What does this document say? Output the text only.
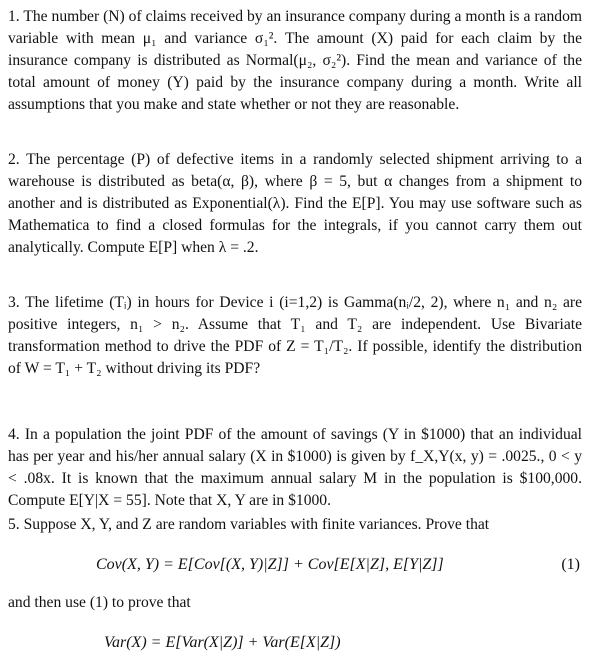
1. The number (N) of claims received by an insurance company during a month is a random variable with mean μ₁ and variance σ₁². The amount (X) paid for each claim by the insurance company is distributed as Normal(μ₂, σ₂²). Find the mean and variance of the total amount of money (Y) paid by the insurance company during a month. Write all assumptions that you make and state whether or not they are reasonable.

2. The percentage (P) of defective items in a randomly selected shipment arriving to a warehouse is distributed as beta(α, β), where β = 5, but α changes from a shipment to another and is distributed as Exponential(λ). Find the E[P]. You may use software such as Mathematica to find a closed formulas for the integrals, if you cannot carry them out analytically. Compute E[P] when λ = .2.

3. The lifetime (Tᵢ) in hours for Device i (i=1,2) is Gamma(nᵢ/2, 2), where n₁ and n₂ are positive integers, n₁ > n₂. Assume that T₁ and T₂ are independent. Use Bivariate transformation method to drive the PDF of Z = T₁/T₂. If possible, identify the distribution of W = T₁ + T₂ without driving its PDF?

4. In a population the joint PDF of the amount of savings (Y in $1000) that an individual has per year and his/her annual salary (X in $1000) is given by f_X,Y(x, y) = .0025., 0 < y < .08x. It is known that the maximum annual salary M in the population is $100,000. Compute E[Y|X = 55]. Note that X, Y are in $1000.

5. Suppose X, Y, and Z are random variables with finite variances. Prove that

Cov(X, Y) = E[Cov[(X, Y)|Z]] + Cov[E[X|Z], E[Y|Z]]	(1)
and then use (1) to prove that
Var(X) = E[Var(X|Z)] + Var(E[X|Z])
